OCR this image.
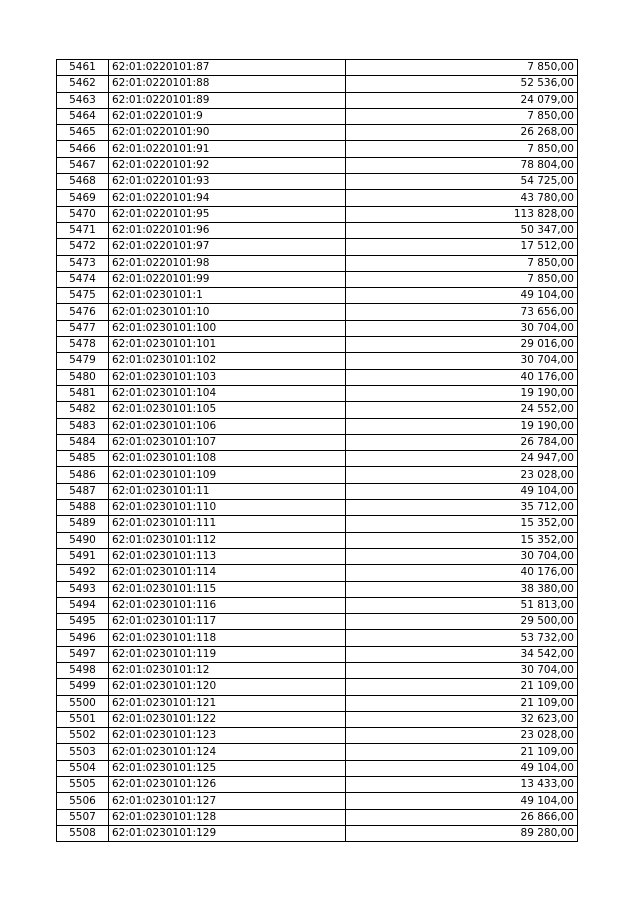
5461	62:01:0220101:87	7 850,00
5462	62:01:0220101:88	52 536,00
5463	62:01:0220101:89	24 079,00
5464	62:01:0220101:9	7 850,00
5465	62:01:0220101:90	26 268,00
5466	62:01:0220101:91	7 850,00
5467	62:01:0220101:92	78 804,00
5468	62:01:0220101:93	54 725,00
5469	62:01:0220101:94	43 780,00
5470	62:01:0220101:95	113 828,00
5471	62:01:0220101:96	50 347,00
5472	62:01:0220101:97	17 512,00
5473	62:01:0220101:98	7 850,00
5474	62:01:0220101:99	7 850,00
5475	62:01:0230101:1	49 104,00
5476	62:01:0230101:10	73 656,00
5477	62:01:0230101:100	30 704,00
5478	62:01:0230101:101	29 016,00
5479	62:01:0230101:102	30 704,00
5480	62:01:0230101:103	40 176,00
5481	62:01:0230101:104	19 190,00
5482	62:01:0230101:105	24 552,00
5483	62:01:0230101:106	19 190,00
5484	62:01:0230101:107	26 784,00
5485	62:01:0230101:108	24 947,00
5486	62:01:0230101:109	23 028,00
5487	62:01:0230101:11	49 104,00
5488	62:01:0230101:110	35 712,00
5489	62:01:0230101:111	15 352,00
5490	62:01:0230101:112	15 352,00
5491	62:01:0230101:113	30 704,00
5492	62:01:0230101:114	40 176,00
5493	62:01:0230101:115	38 380,00
5494	62:01:0230101:116	51 813,00
5495	62:01:0230101:117	29 500,00
5496	62:01:0230101:118	53 732,00
5497	62:01:0230101:119	34 542,00
5498	62:01:0230101:12	30 704,00
5499	62:01:0230101:120	21 109,00
5500	62:01:0230101:121	21 109,00
5501	62:01:0230101:122	32 623,00
5502	62:01:0230101:123	23 028,00
5503	62:01:0230101:124	21 109,00
5504	62:01:0230101:125	49 104,00
5505	62:01:0230101:126	13 433,00
5506	62:01:0230101:127	49 104,00
5507	62:01:0230101:128	26 866,00
5508	62:01:0230101:129	89 280,00
